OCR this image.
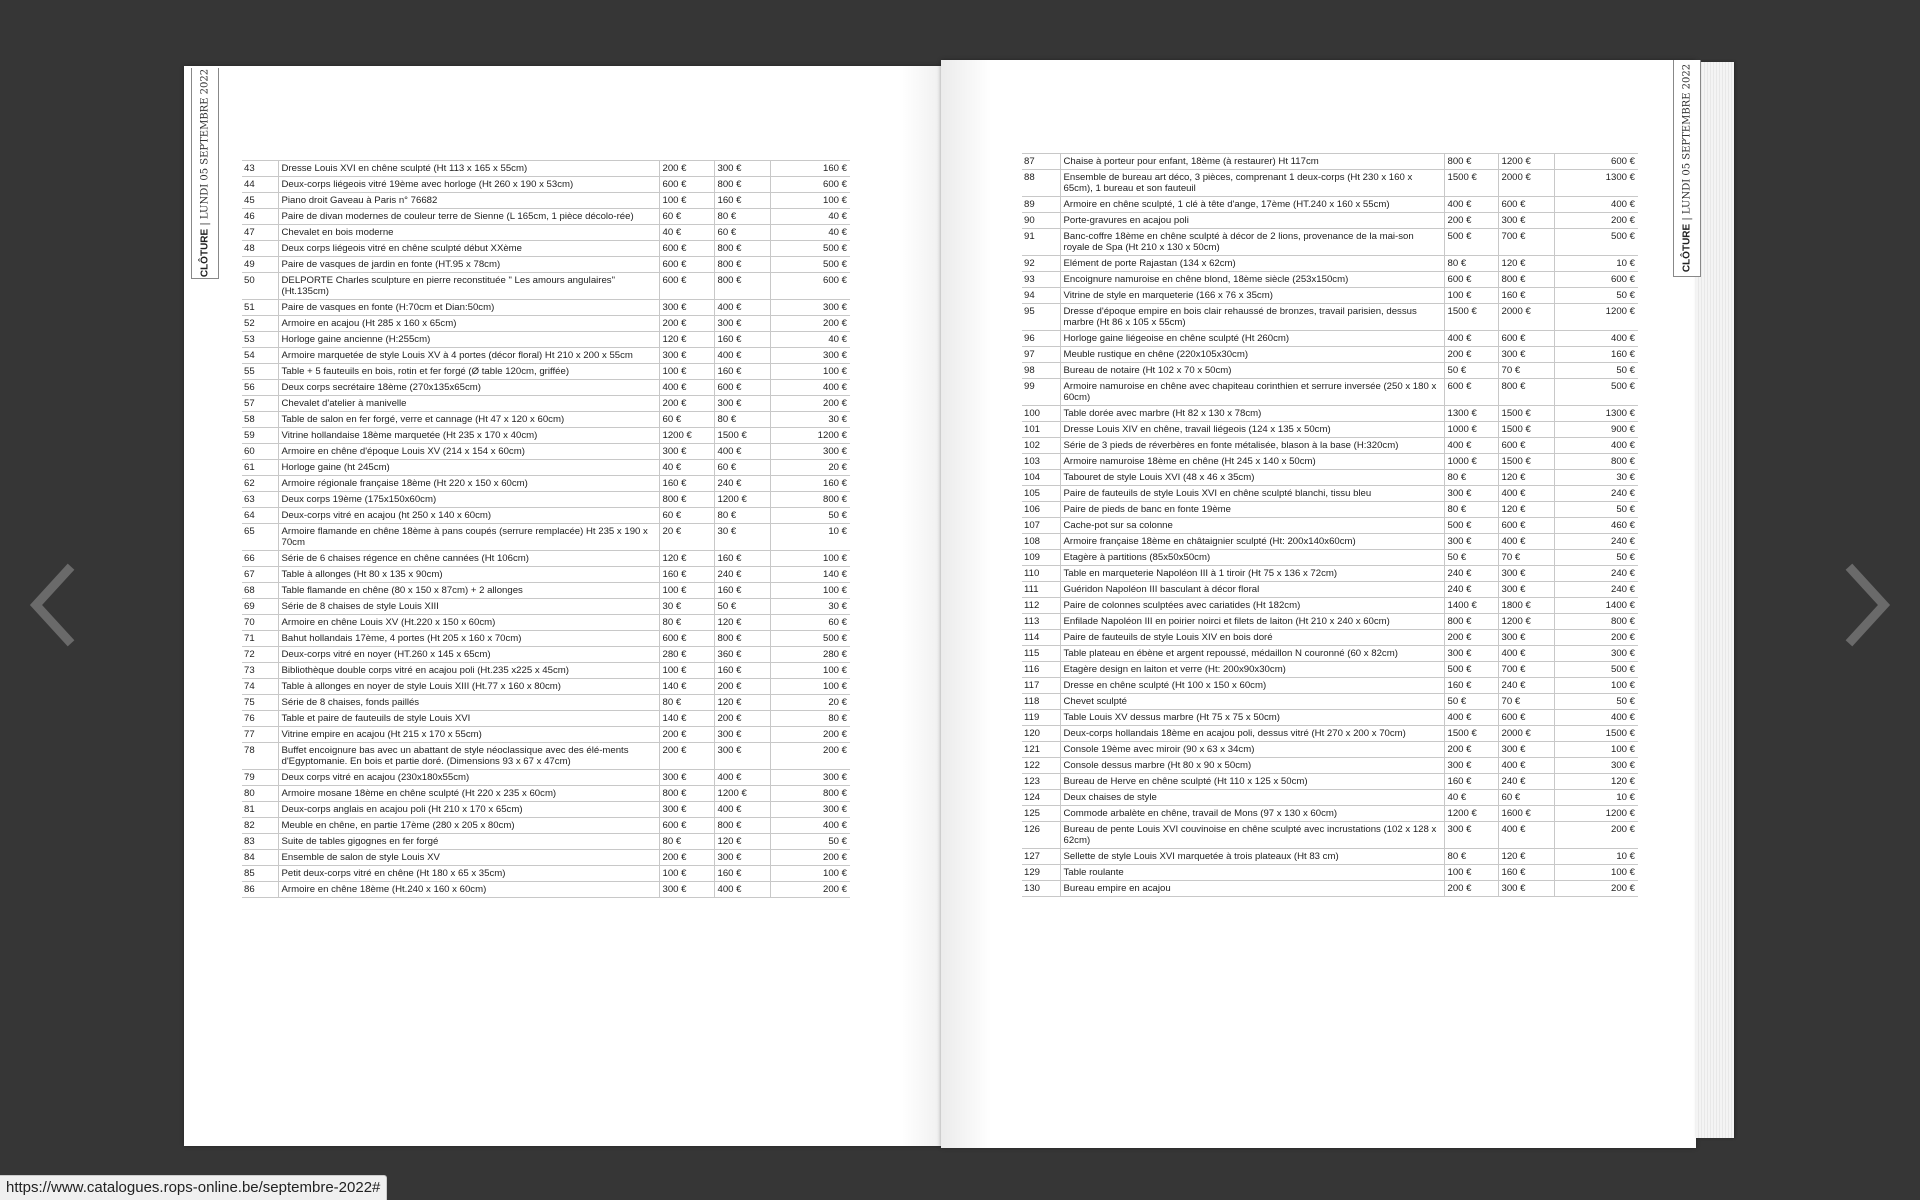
CLÔTURE | LUNDI 05 SEPTEMBRE 2022
CLÔTURE | LUNDI 05 SEPTEMBRE 2022
43	Dresse Louis XVI en chêne sculpté (Ht 113 x 165 x 55cm)	200 €	300 €	160 €
44	Deux-corps liégeois vitré 19ème avec horloge (Ht 260 x 190 x 53cm)	600 €	800 €	600 €
45	Piano droit Gaveau à Paris n° 76682	100 €	160 €	100 €
46	Paire de divan modernes de couleur terre de Sienne (L 165cm, 1 pièce décolo-rée)	60 €	80 €	40 €
47	Chevalet en bois moderne	40 €	60 €	40 €
48	Deux corps liégeois vitré en chêne sculpté début XXème	600 €	800 €	500 €
49	Paire de vasques de jardin en fonte (HT.95 x 78cm)	600 €	800 €	500 €
50	DELPORTE Charles sculpture en pierre reconstituée " Les amours angulaires" (Ht.135cm)	600 €	800 €	600 €
51	Paire de vasques en fonte (H:70cm et Dian:50cm)	300 €	400 €	300 €
52	Armoire en acajou (Ht 285 x 160 x 65cm)	200 €	300 €	200 €
53	Horloge gaine ancienne (H:255cm)	120 €	160 €	40 €
54	Armoire marquetée de style Louis XV à 4 portes (décor floral) Ht 210 x 200 x 55cm	300 €	400 €	300 €
55	Table + 5 fauteuils en bois, rotin et fer forgé (Ø table 120cm, griffée)	100 €	160 €	100 €
56	Deux corps secrétaire 18ème (270x135x65cm)	400 €	600 €	400 €
57	Chevalet d'atelier à manivelle	200 €	300 €	200 €
58	Table de salon en fer forgé, verre et cannage (Ht 47 x 120 x 60cm)	60 €	80 €	30 €
59	Vitrine hollandaise 18ème marquetée (Ht 235 x 170 x 40cm)	1200 €	1500 €	1200 €
60	Armoire en chêne d'époque Louis XV (214 x 154 x 60cm)	300 €	400 €	300 €
61	Horloge gaine (ht 245cm)	40 €	60 €	20 €
62	Armoire régionale française 18ème (Ht 220 x 150 x 60cm)	160 €	240 €	160 €
63	Deux corps 19ème (175x150x60cm)	800 €	1200 €	800 €
64	Deux-corps vitré en acajou (ht 250 x 140 x 60cm)	60 €	80 €	50 €
65	Armoire flamande en chêne 18ème à pans coupés (serrure remplacée) Ht 235 x 190 x 70cm	20 €	30 €	10 €
66	Série de 6 chaises régence en chêne cannées (Ht 106cm)	120 €	160 €	100 €
67	Table à allonges (Ht 80 x 135 x 90cm)	160 €	240 €	140 €
68	Table flamande en chêne (80 x 150 x 87cm) + 2 allonges	100 €	160 €	100 €
69	Série de 8 chaises de style Louis XIII	30 €	50 €	30 €
70	Armoire en chêne Louis XV (Ht.220 x 150 x 60cm)	80 €	120 €	60 €
71	Bahut hollandais 17ème, 4 portes (Ht 205 x 160 x 70cm)	600 €	800 €	500 €
72	Deux-corps vitré en noyer (HT.260 x 145 x 65cm)	280 €	360 €	280 €
73	Bibliothèque double corps vitré en acajou poli (Ht.235 x225 x 45cm)	100 €	160 €	100 €
74	Table à allonges en noyer de style Louis XIII (Ht.77 x 160 x 80cm)	140 €	200 €	100 €
75	Série de 8 chaises, fonds paillés	80 €	120 €	20 €
76	Table et paire de fauteuils de style Louis XVI	140 €	200 €	80 €
77	Vitrine empire en acajou (Ht 215 x 170 x 55cm)	200 €	300 €	200 €
78	Buffet encoignure bas avec un abattant de style néoclassique avec des élé-ments d'Egyptomanie. En bois et partie doré. (Dimensions 93 x 67 x 47cm)	200 €	300 €	200 €
79	Deux corps vitré en acajou (230x180x55cm)	300 €	400 €	300 €
80	Armoire mosane 18ème en chêne sculpté (Ht 220 x 235 x 60cm)	800 €	1200 €	800 €
81	Deux-corps anglais en acajou poli (Ht 210 x 170 x 65cm)	300 €	400 €	300 €
82	Meuble en chêne, en partie 17ème (280 x 205 x 80cm)	600 €	800 €	400 €
83	Suite de tables gigognes en fer forgé	80 €	120 €	50 €
84	Ensemble de salon de style Louis XV	200 €	300 €	200 €
85	Petit deux-corps vitré en chêne (Ht 180 x 65 x 35cm)	100 €	160 €	100 €
86	Armoire en chêne 18ème (Ht.240 x 160 x 60cm)	300 €	400 €	200 €
87	Chaise à porteur pour enfant, 18ème (à restaurer) Ht 117cm	800 €	1200 €	600 €
88	Ensemble de bureau art déco, 3 pièces, comprenant 1 deux-corps (Ht 230 x 160 x 65cm), 1 bureau et son fauteuil	1500 €	2000 €	1300 €
89	Armoire en chêne sculpté, 1 clé à tête d'ange, 17ème (HT.240 x 160 x 55cm)	400 €	600 €	400 €
90	Porte-gravures en acajou poli	200 €	300 €	200 €
91	Banc-coffre 18ème en chêne sculpté à décor de 2 lions, provenance de la mai-son royale de Spa (Ht 210 x 130 x 50cm)	500 €	700 €	500 €
92	Elément de porte Rajastan (134 x 62cm)	80 €	120 €	10 €
93	Encoignure namuroise en chêne blond, 18ème siècle (253x150cm)	600 €	800 €	600 €
94	Vitrine de style en marqueterie (166 x 76 x 35cm)	100 €	160 €	50 €
95	Dresse d'époque empire en bois clair rehaussé de bronzes, travail parisien, dessus marbre (Ht 86 x 105 x 55cm)	1500 €	2000 €	1200 €
96	Horloge gaine liégeoise en chêne sculpté (Ht 260cm)	400 €	600 €	400 €
97	Meuble rustique en chêne (220x105x30cm)	200 €	300 €	160 €
98	Bureau de notaire (Ht 102 x 70 x 50cm)	50 €	70 €	50 €
99	Armoire namuroise en chêne avec chapiteau corinthien et serrure inversée (250 x 180 x 60cm)	600 €	800 €	500 €
100	Table dorée avec marbre (Ht 82 x 130 x 78cm)	1300 €	1500 €	1300 €
101	Dresse Louis XIV en chêne, travail liégeois (124 x 135 x 50cm)	1000 €	1500 €	900 €
102	Série de 3 pieds de réverbères en fonte métalisée, blason à la base (H:320cm)	400 €	600 €	400 €
103	Armoire namuroise 18ème en chêne (Ht 245 x 140 x 50cm)	1000 €	1500 €	800 €
104	Tabouret de style Louis XVI (48 x 46 x 35cm)	80 €	120 €	30 €
105	Paire de fauteuils de style Louis XVI en chêne sculpté blanchi, tissu bleu	300 €	400 €	240 €
106	Paire de pieds de banc en fonte 19ème	80 €	120 €	50 €
107	Cache-pot sur sa colonne	500 €	600 €	460 €
108	Armoire française 18ème en châtaignier sculpté (Ht: 200x140x60cm)	300 €	400 €	240 €
109	Etagère à partitions (85x50x50cm)	50 €	70 €	50 €
110	Table en marqueterie Napoléon III à 1 tiroir (Ht 75 x 136 x 72cm)	240 €	300 €	240 €
111	Guéridon Napoléon III basculant à décor floral	240 €	300 €	240 €
112	Paire de colonnes sculptées avec cariatides (Ht 182cm)	1400 €	1800 €	1400 €
113	Enfilade Napoléon III en poirier noirci et filets de laiton (Ht 210 x 240 x 60cm)	800 €	1200 €	800 €
114	Paire de fauteuils de style Louis XIV en bois doré	200 €	300 €	200 €
115	Table plateau en ébène et argent repoussé, médaillon N couronné (60 x 82cm)	300 €	400 €	300 €
116	Etagère design en laiton et verre (Ht: 200x90x30cm)	500 €	700 €	500 €
117	Dresse en chêne sculpté (Ht 100 x 150 x 60cm)	160 €	240 €	100 €
118	Chevet sculpté	50 €	70 €	50 €
119	Table Louis XV dessus marbre (Ht 75 x 75 x 50cm)	400 €	600 €	400 €
120	Deux-corps hollandais 18ème en acajou poli, dessus vitré (Ht 270 x 200 x 70cm)	1500 €	2000 €	1500 €
121	Console 19ème avec miroir (90 x 63 x 34cm)	200 €	300 €	100 €
122	Console dessus marbre (Ht 80 x 90 x 50cm)	300 €	400 €	300 €
123	Bureau de Herve en chêne sculpté (Ht 110 x 125 x 50cm)	160 €	240 €	120 €
124	Deux chaises de style	40 €	60 €	10 €
125	Commode arbalète en chêne, travail de Mons (97 x 130 x 60cm)	1200 €	1600 €	1200 €
126	Bureau de pente Louis XVI couvinoise en chêne sculpté avec incrustations (102 x 128 x 62cm)	300 €	400 €	200 €
127	Sellette de style Louis XVI marquetée à trois plateaux (Ht 83 cm)	80 €	120 €	10 €
129	Table roulante	100 €	160 €	100 €
130	Bureau empire en acajou	200 €	300 €	200 €
https://www.catalogues.rops-online.be/septembre-2022#
